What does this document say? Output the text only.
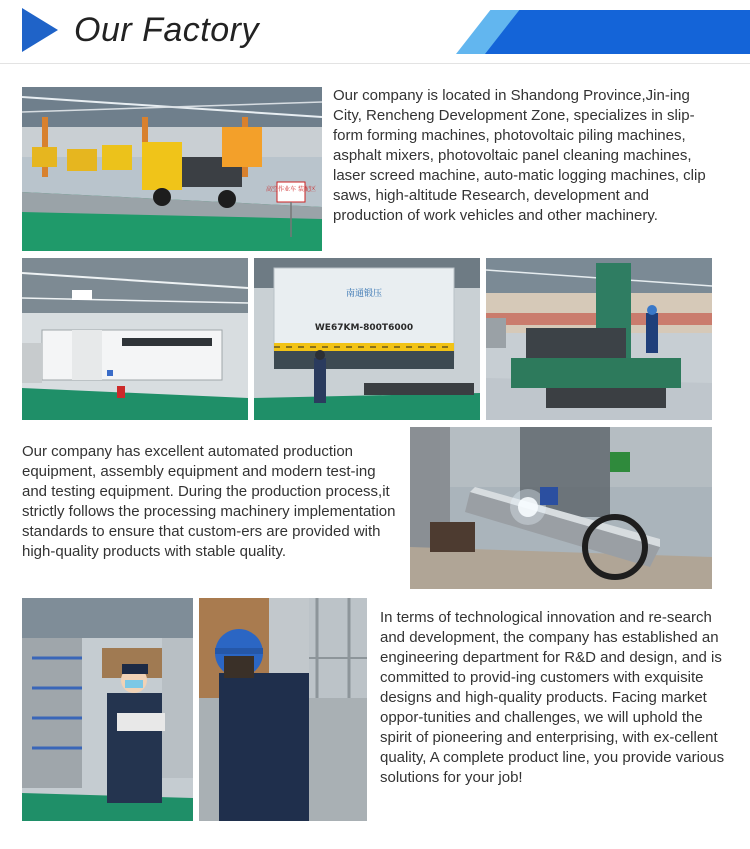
Our Factory
高空作业车 装配区

Our company is located in Shandong Province,Jin-ing City, Rencheng Development Zone, specializes in slip-form forming machines, photovoltaic piling machines, asphalt mixers, photovoltaic panel cleaning machines, laser screed machine, auto-matic logging machines, clip saws, high-altitude Research, development and production of work vehicles and other machinery.

南通锻压
WE67KM-800T6000

Our company has excellent automated production equipment, assembly equipment and modern test-ing and testing equipment. During the production process,it strictly follows the processing machinery implementation standards to ensure that custom-ers are provided with high-quality products with stable quality.

In terms of technological innovation and re-search and development, the company has established an engineering department for R&D and design, and is committed to provid-ing customers with exquisite designs and high-quality products. Facing market oppor-tunities and challenges, we will uphold the spirit of pioneering and enterprising, with ex-cellent quality, A complete product line, you provide various solutions for your job!
